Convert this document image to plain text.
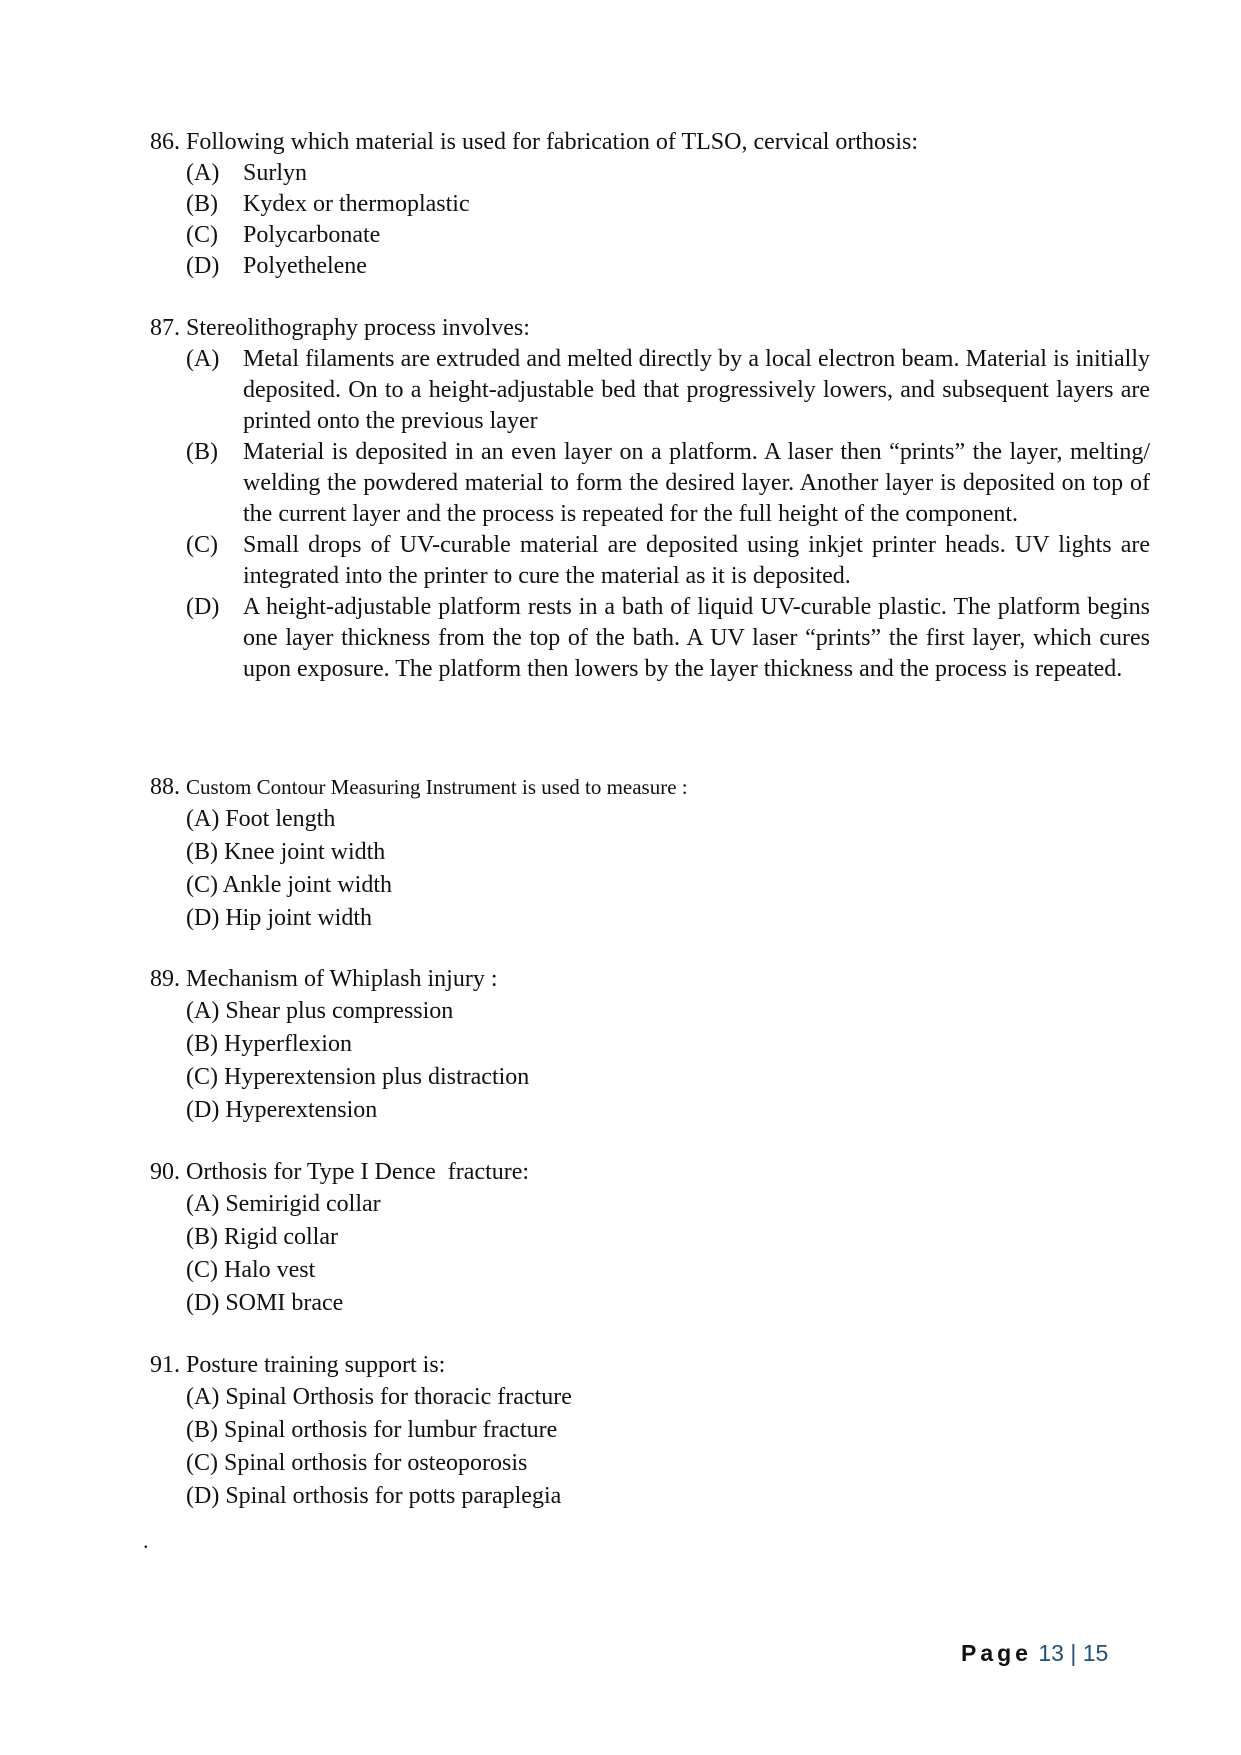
86. Following which material is used for fabrication of TLSO, cervical orthosis:
(A) Surlyn
(B) Kydex or thermoplastic
(C) Polycarbonate
(D) Polyethelene
87. Stereolithography process involves:
(A) Metal filaments are extruded and melted directly by a local electron beam. Material is initially deposited. On to a height-adjustable bed that progressively lowers, and subsequent layers are printed onto the previous layer
(B) Material is deposited in an even layer on a platform. A laser then “prints” the layer, melting/ welding the powdered material to form the desired layer. Another layer is deposited on top of the current layer and the process is repeated for the full height of the component.
(C) Small drops of UV-curable material are deposited using inkjet printer heads. UV lights are integrated into the printer to cure the material as it is deposited.
(D) A height-adjustable platform rests in a bath of liquid UV-curable plastic. The platform begins one layer thickness from the top of the bath. A UV laser “prints” the first layer, which cures upon exposure. The platform then lowers by the layer thickness and the process is repeated.
88. Custom Contour Measuring Instrument is used to measure :
(A) Foot length
(B) Knee joint width
(C) Ankle joint width
(D) Hip joint width
89. Mechanism of Whiplash injury :
(A) Shear plus compression
(B) Hyperflexion
(C) Hyperextension plus distraction
(D) Hyperextension
90. Orthosis for Type I Dence  fracture:
(A) Semirigid collar
(B) Rigid collar
(C) Halo vest
(D) SOMI brace
91. Posture training support is:
(A) Spinal Orthosis for thoracic fracture
(B) Spinal orthosis for lumbur fracture
(C) Spinal orthosis for osteoporosis
(D) Spinal orthosis for potts paraplegia
.
Page 13 | 15
